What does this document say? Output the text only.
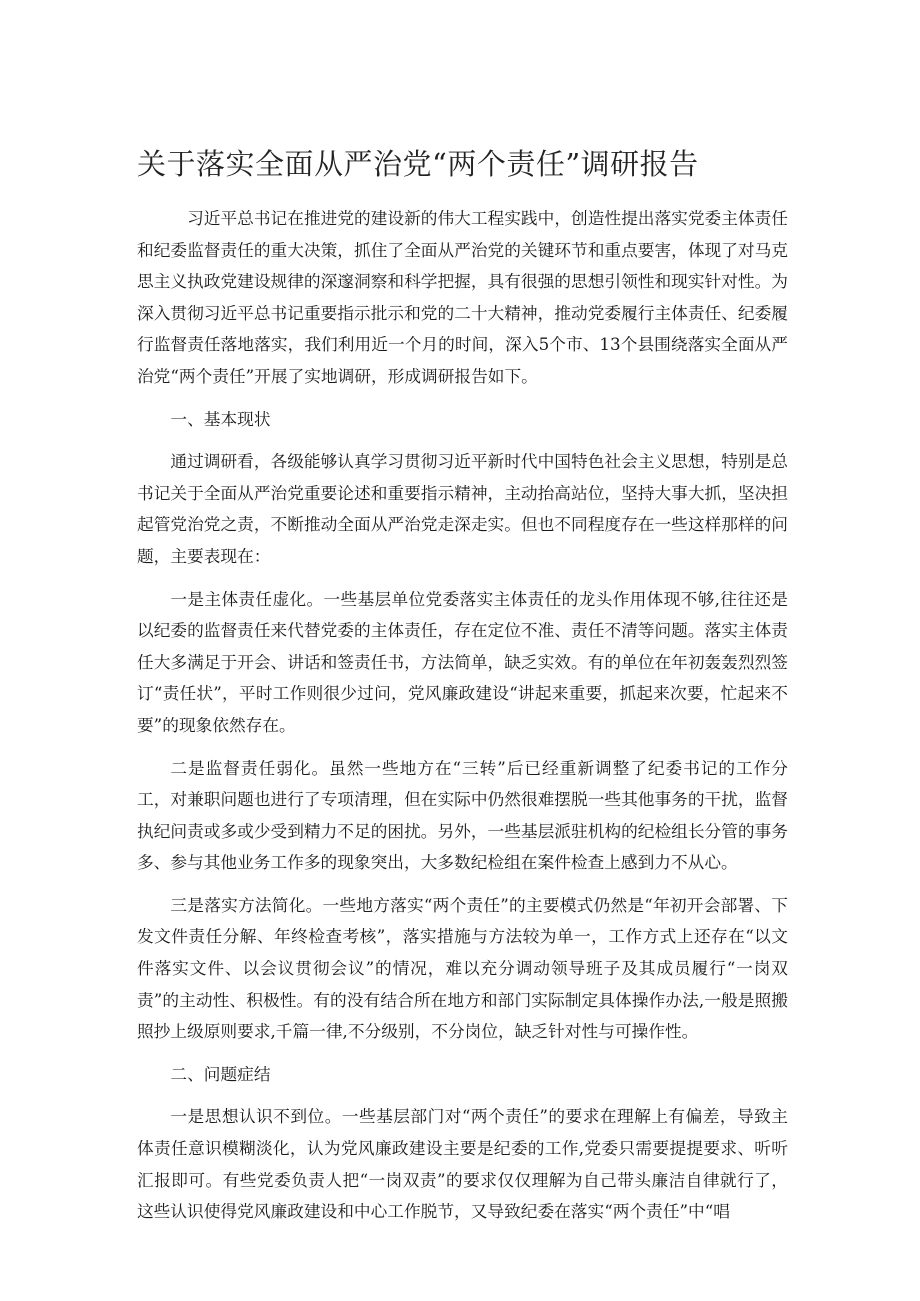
关于落实全面从严治党“两个责任”调研报告

习近平总书记在推进党的建设新的伟大工程实践中，创造性提出落实党委主体责任和纪委监督责任的重大决策，抓住了全面从严治党的关键环节和重点要害，体现了对马克思主义执政党建设规律的深邃洞察和科学把握，具有很强的思想引领性和现实针对性。为深入贯彻习近平总书记重要指示批示和党的二十大精神，推动党委履行主体责任、纪委履行监督责任落地落实，我们利用近一个月的时间，深入5个市、13个县围绕落实全面从严治党“两个责任”开展了实地调研，形成调研报告如下。

一、基本现状

通过调研看，各级能够认真学习贯彻习近平新时代中国特色社会主义思想，特别是总书记关于全面从严治党重要论述和重要指示精神，主动抬高站位，坚持大事大抓，坚决担起管党治党之责，不断推动全面从严治党走深走实。但也不同程度存在一些这样那样的问题，主要表现在：

一是主体责任虚化。一些基层单位党委落实主体责任的龙头作用体现不够,往往还是以纪委的监督责任来代替党委的主体责任，存在定位不准、责任不清等问题。落实主体责任大多满足于开会、讲话和签责任书，方法简单，缺乏实效。有的单位在年初轰轰烈烈签订“责任状”，平时工作则很少过问，党风廉政建设“讲起来重要，抓起来次要，忙起来不要”的现象依然存在。

二是监督责任弱化。虽然一些地方在“三转”后已经重新调整了纪委书记的工作分工，对兼职问题也进行了专项清理，但在实际中仍然很难摆脱一些其他事务的干扰，监督执纪问责或多或少受到精力不足的困扰。另外，一些基层派驻机构的纪检组长分管的事务多、参与其他业务工作多的现象突出，大多数纪检组在案件检查上感到力不从心。

三是落实方法简化。一些地方落实“两个责任”的主要模式仍然是“年初开会部署、下发文件责任分解、年终检查考核”，落实措施与方法较为单一，工作方式上还存在“以文件落实文件、以会议贯彻会议”的情况，难以充分调动领导班子及其成员履行“一岗双责”的主动性、积极性。有的没有结合所在地方和部门实际制定具体操作办法,一般是照搬照抄上级原则要求,千篇一律,不分级别，不分岗位，缺乏针对性与可操作性。

二、问题症结

一是思想认识不到位。一些基层部门对“两个责任”的要求在理解上有偏差，导致主体责任意识模糊淡化，认为党风廉政建设主要是纪委的工作,党委只需要提提要求、听听汇报即可。有些党委负责人把“一岗双责”的要求仅仅理解为自己带头廉洁自律就行了，这些认识使得党风廉政建设和中心工作脱节，又导致纪委在落实“两个责任”中“唱
